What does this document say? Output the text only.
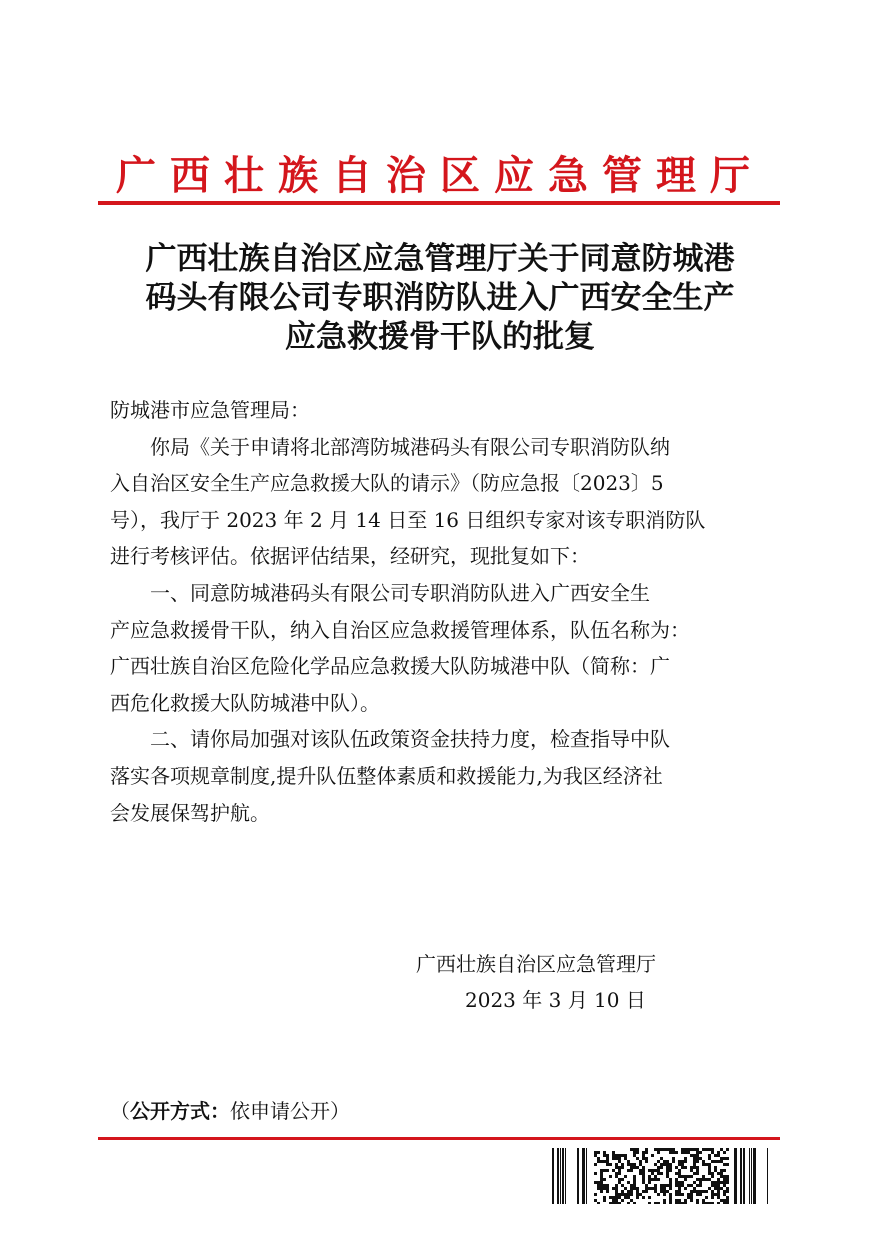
广西壮族自治区应急管理厅
广西壮族自治区应急管理厅关于同意防城港
码头有限公司专职消防队进入广西安全生产
应急救援骨干队的批复

防城港市应急管理局：

你局《关于申请将北部湾防城港码头有限公司专职消防队纳
入自治区安全生产应急救援大队的请示》（防应急报〔2023〕5
号），我厅于 2023 年 2 月 14 日至 16 日组织专家对该专职消防队
进行考核评估。依据评估结果，经研究，现批复如下：

一、同意防城港码头有限公司专职消防队进入广西安全生
产应急救援骨干队，纳入自治区应急救援管理体系，队伍名称为：
广西壮族自治区危险化学品应急救援大队防城港中队（简称：广
西危化救援大队防城港中队）。

二、请你局加强对该队伍政策资金扶持力度，检查指导中队
落实各项规章制度,提升队伍整体素质和救援能力,为我区经济社
会发展保驾护航。

广西壮族自治区应急管理厅
2023 年 3 月 10 日
（公开方式：依申请公开）
